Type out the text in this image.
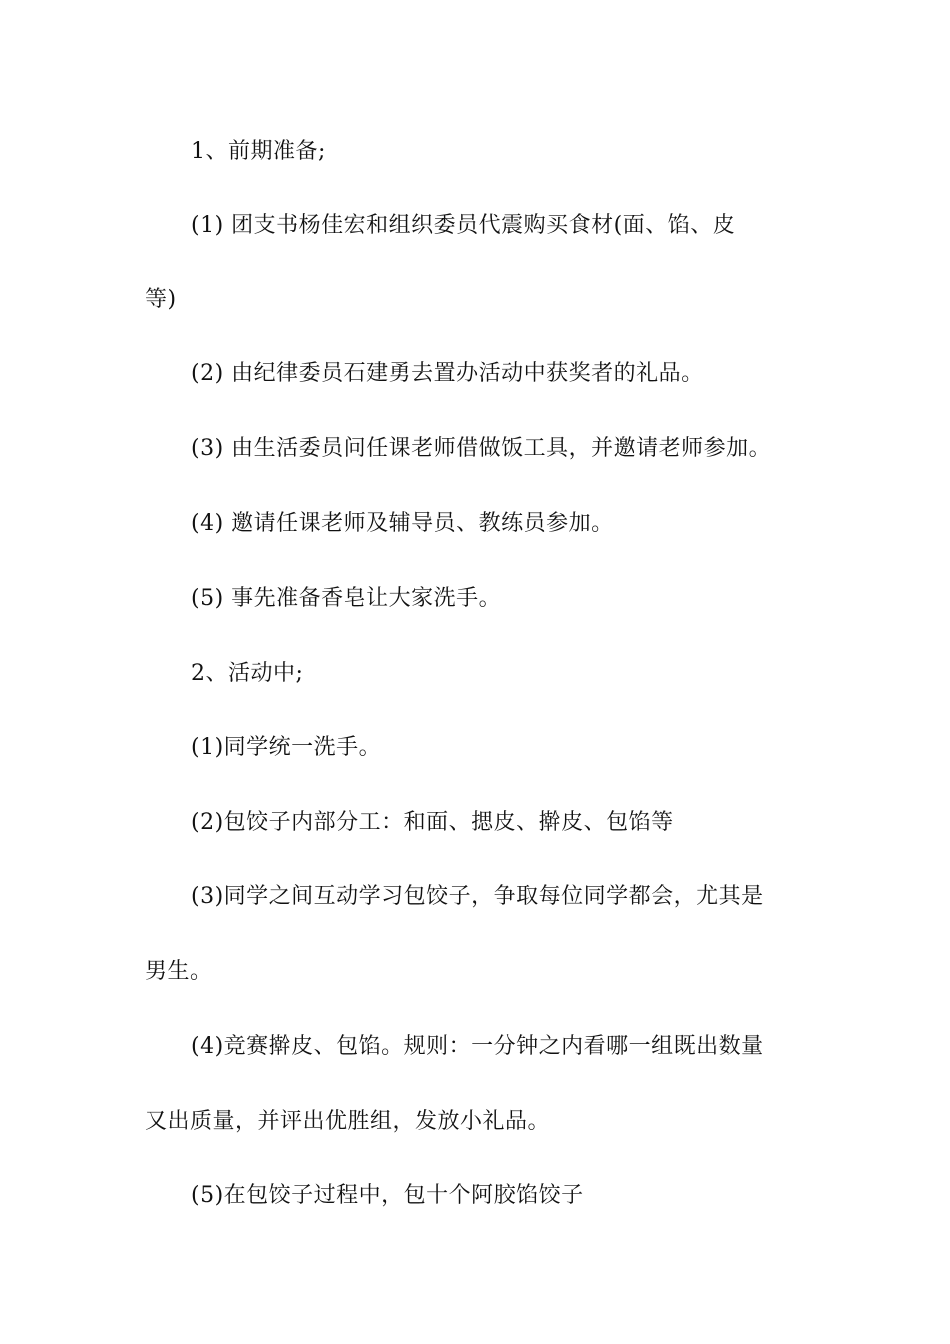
1、前期准备;
(1) 团支书杨佳宏和组织委员代震购买食材(面、馅、皮
等)
(2) 由纪律委员石建勇去置办活动中获奖者的礼品。
(3) 由生活委员问任课老师借做饭工具，并邀请老师参加。
(4) 邀请任课老师及辅导员、教练员参加。
(5) 事先准备香皂让大家洗手。
2、活动中;
(1)同学统一洗手。
(2)包饺子内部分工：和面、揌皮、擀皮、包馅等
(3)同学之间互动学习包饺子，争取每位同学都会，尤其是
男生。
(4)竞赛擀皮、包馅。规则：一分钟之内看哪一组既出数量
又出质量，并评出优胜组，发放小礼品。
(5)在包饺子过程中，包十个阿胶馅饺子
